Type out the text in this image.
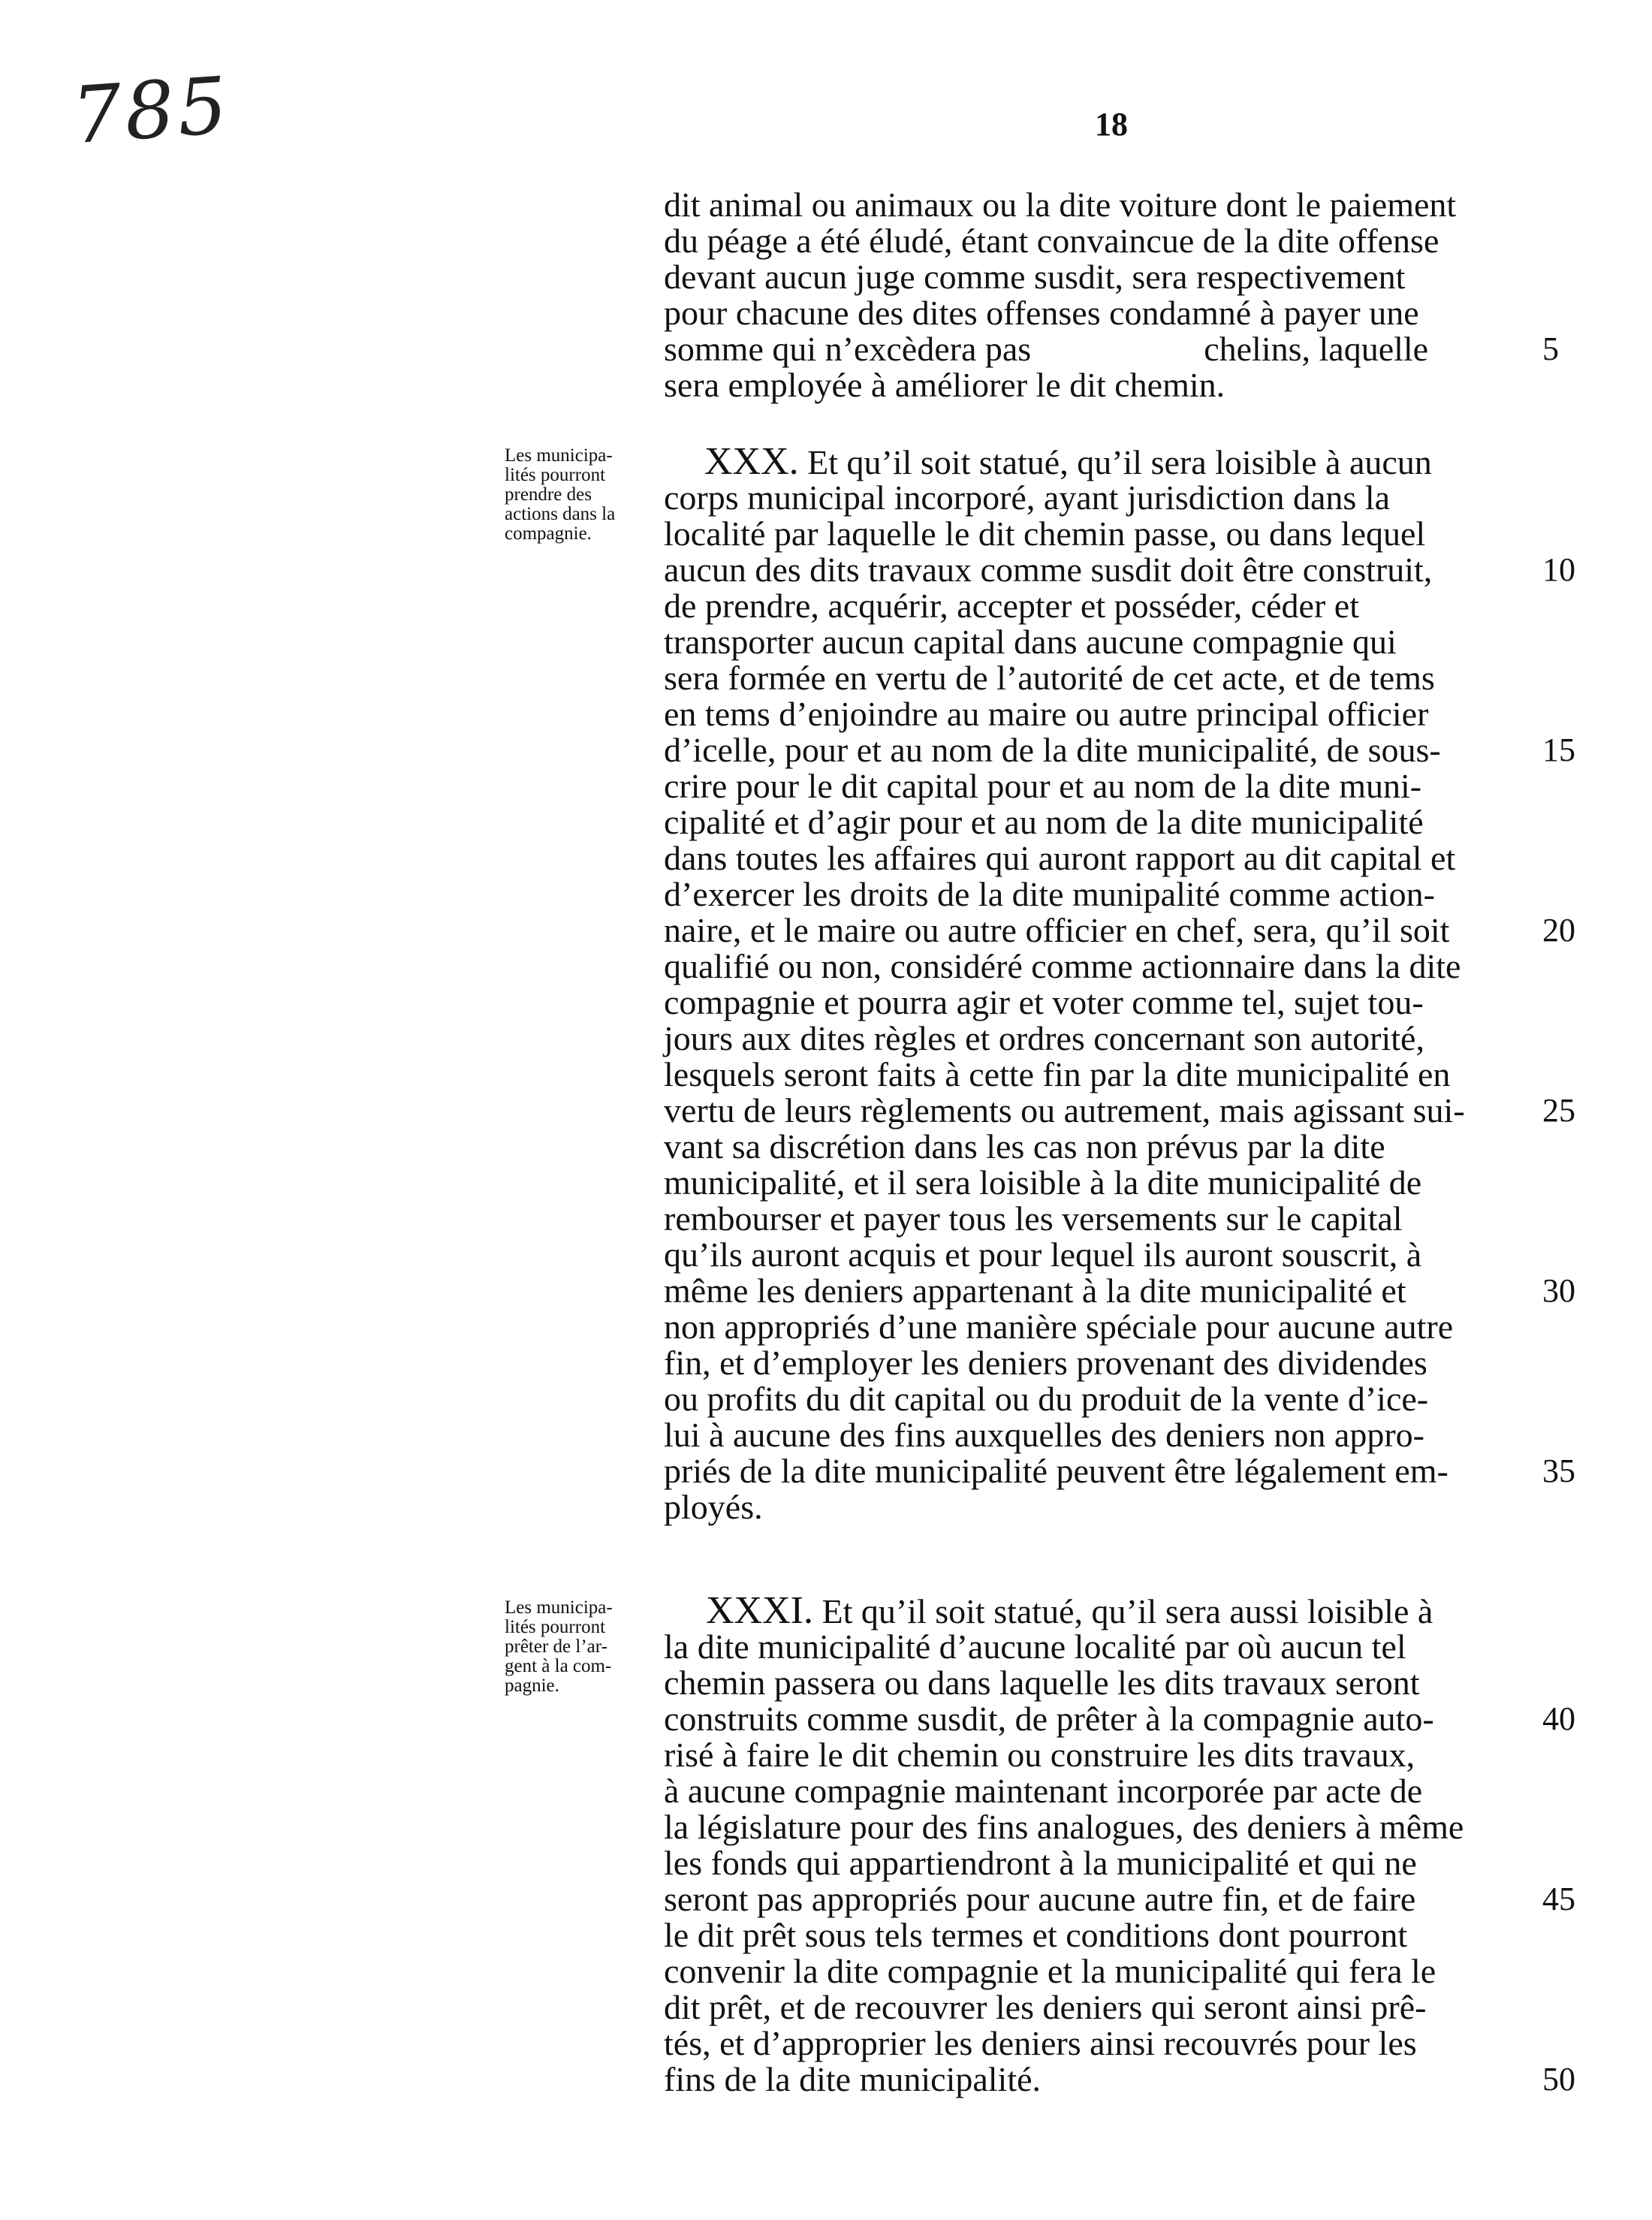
785	18
dit animal ou animaux ou la dite voiture dont le paiement
du péage a été éludé, étant convaincue de la dite offense
devant aucun juge comme susdit, sera respectivement
pour chacune des dites offenses condamné à payer une
somme qui n’excèdera pas                    chelins, laquelle
sera employée à améliorer le dit chemin.
Les municipa-
lités pourront
prendre des
actions dans la
compagnie.
XXX. Et qu’il soit statué, qu’il sera loisible à aucun
corps municipal incorporé, ayant jurisdiction dans la
localité par laquelle le dit chemin passe, ou dans lequel
aucun des dits travaux comme susdit doit être construit,
de prendre, acquérir, accepter et posséder, céder et
transporter aucun capital dans aucune compagnie qui
sera formée en vertu de l’autorité de cet acte, et de tems
en tems d’enjoindre au maire ou autre principal officier
d’icelle, pour et au nom de la dite municipalité, de sous-
crire pour le dit capital pour et au nom de la dite muni-
cipalité et d’agir pour et au nom de la dite municipalité
dans toutes les affaires qui auront rapport au dit capital et
d’exercer les droits de la dite munipalité comme action-
naire, et le maire ou autre officier en chef, sera, qu’il soit
qualifié ou non, considéré comme actionnaire dans la dite
compagnie et pourra agir et voter comme tel, sujet tou-
jours aux dites règles et ordres concernant son autorité,
lesquels seront faits à cette fin par la dite municipalité en
vertu de leurs règlements ou autrement, mais agissant sui-
vant sa discrétion dans les cas non prévus par la dite
municipalité, et il sera loisible à la dite municipalité de
rembourser et payer tous les versements sur le capital
qu’ils auront acquis et pour lequel ils auront souscrit, à
même les deniers appartenant à la dite municipalité et
non appropriés d’une manière spéciale pour aucune autre
fin, et d’employer les deniers provenant des dividendes
ou profits du dit capital ou du produit de la vente d’ice-
lui à aucune des fins auxquelles des deniers non appro-
priés de la dite municipalité peuvent être légalement em-
ployés.
Les municipa-
lités pourront
prêter de l’ar-
gent à la com-
pagnie.
XXXI. Et qu’il soit statué, qu’il sera aussi loisible à
la dite municipalité d’aucune localité par où aucun tel
chemin passera ou dans laquelle les dits travaux seront
construits comme susdit, de prêter à la compagnie auto-
risé à faire le dit chemin ou construire les dits travaux,
à aucune compagnie maintenant incorporée par acte de
la législature pour des fins analogues, des deniers à même
les fonds qui appartiendront à la municipalité et qui ne
seront pas appropriés pour aucune autre fin, et de faire
le dit prêt sous tels termes et conditions dont pourront
convenir la dite compagnie et la municipalité qui fera le
dit prêt, et de recouvrer les deniers qui seront ainsi prê-
tés, et d’approprier les deniers ainsi recouvrés pour les
fins de la dite municipalité.
5
10
15
20
25
30
35
40
45
50
